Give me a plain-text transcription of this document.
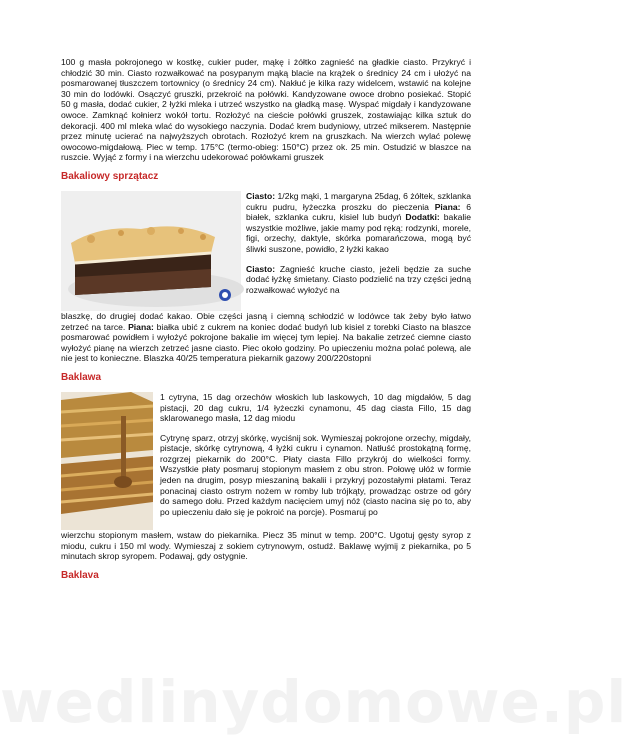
100 g masła pokrojonego w kostkę, cukier puder, mąkę i żółtko zagnieść na gładkie ciasto. Przykryć i chłodzić 30 min. Ciasto rozwałkować na posypanym mąką blacie na krążek o średnicy 24 cm i ułożyć na posmarowanej tłuszczem tortownicy (o średnicy 24 cm). Nakłuć je kilka razy widelcem, wstawić na kolejne 30 min do lodówki. Osączyć gruszki, przekroić na połówki. Kandyzowane owoce drobno posiekać. Stopić 50 g masła, dodać cukier, 2 łyżki mleka i utrzeć wszystko na gładką masę. Wyspać migdały i kandyzowane owoce. Zamknąć kołnierz wokół tortu. Rozłożyć na cieście połówki gruszek, zostawiając kilka sztuk do dekoracji. 400 ml mleka wlać do wysokiego naczynia. Dodać krem budyniowy, utrzeć mikserem. Następnie przez minutę ucierać na najwyższych obrotach. Rozłożyć krem na gruszkach. Na wierzch wylać polewę owocowo-migdałową. Piec w temp. 175°C (termo-obieg: 150°C) przez ok. 25 min. Ostudzić w blaszce na ruszcie. Wyjąć z formy i na wierzchu udekorować połówkami gruszek

Bakaliowy sprzątacz

Ciasto: 1/2kg mąki, 1 margaryna 25dag, 6 żółtek, szklanka cukru pudru, łyżeczka proszku do pieczenia Piana: 6 białek, szklanka cukru, kisiel lub budyń Dodatki: bakalie wszystkie możliwe, jakie mamy pod ręką: rodzynki, morele, figi, orzechy, daktyle, skórka pomarańczowa, mogą być śliwki suszone, powidło, 2 łyżki kakao

Ciasto: Zagnieść kruche ciasto, jeżeli będzie za suche dodać łyżkę śmietany. Ciasto podzielić na trzy części jedną rozwałkować wyłożyć na

blaszkę, do drugiej dodać kakao. Obie części jasną i ciemną schłodzić w lodówce tak żeby było łatwo zetrzeć na tarce. Piana: białka ubić z cukrem na koniec dodać budyń lub kisiel z torebki Ciasto na blaszce posmarować powidłem i wyłożyć pokrojone bakalie im więcej tym lepiej. Na bakalie zetrzeć ciemne ciasto wyłożyć pianę na wierzch zetrzeć jasne ciasto. Piec około godziny. Po upieczeniu można polać polewą, ale nie jest to konieczne. Blaszka 40/25 temperatura piekarnik gazowy 200/220stopni

Baklawa

1 cytryna, 15 dag orzechów włoskich lub laskowych, 10 dag migdałów, 5 dag pistacji, 20 dag cukru, 1/4 łyżeczki cynamonu, 45 dag ciasta Fillo, 15 dag sklarowanego masła, 12 dag miodu

Cytrynę sparz, otrzyj skórkę, wyciśnij sok. Wymieszaj pokrojone orzechy, migdały, pistacje, skórkę cytrynową, 4 łyżki cukru i cynamon. Natłuść prostokątną formę, rozgrzej piekarnik do 200°C. Płaty ciasta Fillo przykrój do wielkości formy. Wszystkie płaty posmaruj stopionym masłem z obu stron. Połowę ułóż w formie jeden na drugim, posyp mieszaniną bakalii i przykryj pozostałymi płatami. Teraz ponacinaj ciasto ostrym nożem w romby lub trójkąty, prowadząc ostrze od góry do samego dołu. Przed każdym nacięciem umyj nóż (ciasto nacina się po to, aby po upieczeniu dało się je pokroić na porcje). Posmaruj po

wierzchu stopionym masłem, wstaw do piekarnika. Piecz 35 minut w temp. 200°C. Ugotuj gęsty syrop z miodu, cukru i 150 ml wody. Wymieszaj z sokiem cytrynowym, ostudź. Baklawę wyjmij z piekarnika, po 5 minutach skrop syropem. Podawaj, gdy ostygnie.

Baklava
wedlinydomowe.pl
